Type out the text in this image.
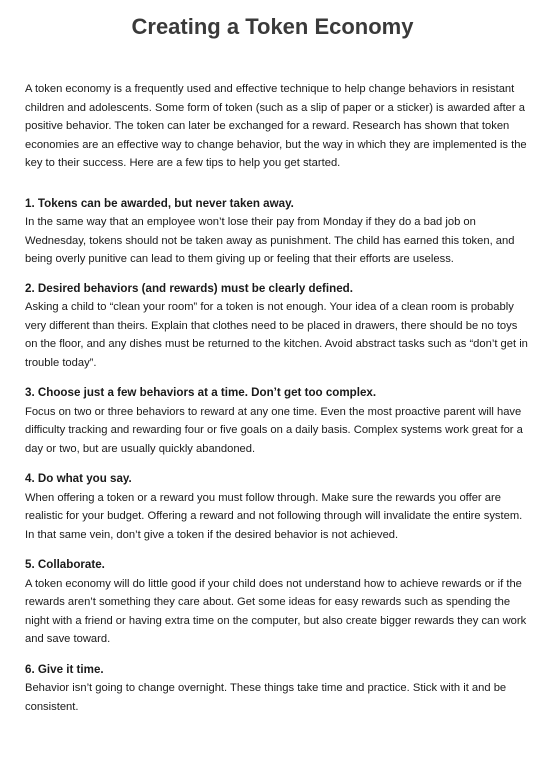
Creating a Token Economy

A token economy is a frequently used and effective technique to help change behaviors in resistant children and adolescents. Some form of token (such as a slip of paper or a sticker) is awarded after a positive behavior. The token can later be exchanged for a reward. Research has shown that token economies are an effective way to change behavior, but the way in which they are implemented is the key to their success. Here are a few tips to help you get started.

1. Tokens can be awarded, but never taken away.

In the same way that an employee won’t lose their pay from Monday if they do a bad job on Wednesday, tokens should not be taken away as punishment. The child has earned this token, and being overly punitive can lead to them giving up or feeling that their efforts are useless.

2. Desired behaviors (and rewards) must be clearly defined.

Asking a child to “clean your room” for a token is not enough. Your idea of a clean room is probably very different than theirs. Explain that clothes need to be placed in drawers, there should be no toys on the floor, and any dishes must be returned to the kitchen. Avoid abstract tasks such as “don’t get in trouble today”.

3. Choose just a few behaviors at a time. Don’t get too complex.

Focus on two or three behaviors to reward at any one time. Even the most proactive parent will have difficulty tracking and rewarding four or five goals on a daily basis. Complex systems work great for a day or two, but are usually quickly abandoned.

4. Do what you say.

When offering a token or a reward you must follow through. Make sure the rewards you offer are realistic for your budget. Offering a reward and not following through will invalidate the entire system. In that same vein, don’t give a token if the desired behavior is not achieved.

5. Collaborate.

A token economy will do little good if your child does not understand how to achieve rewards or if the rewards aren’t something they care about. Get some ideas for easy rewards such as spending the night with a friend or having extra time on the computer, but also create bigger rewards they can work and save toward.

6. Give it time.

Behavior isn’t going to change overnight. These things take time and practice. Stick with it and be consistent.
